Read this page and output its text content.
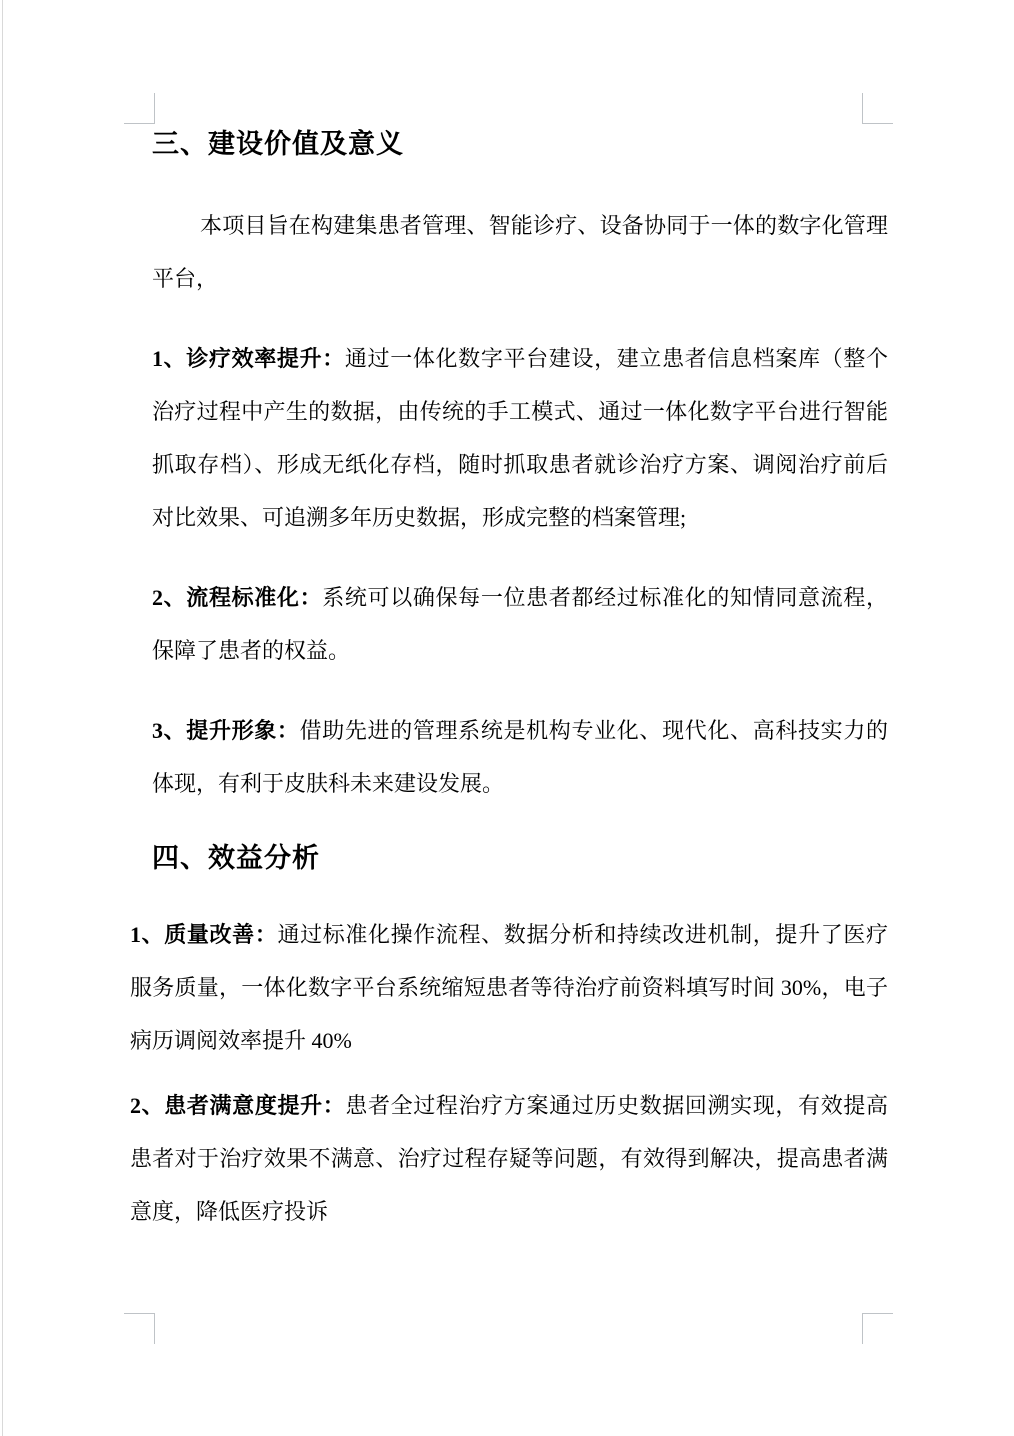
三、建设价值及意义

本项目旨在构建集患者管理、智能诊疗、设备协同于一体的数字化管理平台，

1、诊疗效率提升：通过一体化数字平台建设，建立患者信息档案库（整个治疗过程中产生的数据，由传统的手工模式、通过一体化数字平台进行智能抓取存档）、形成无纸化存档，随时抓取患者就诊治疗方案、调阅治疗前后对比效果、可追溯多年历史数据，形成完整的档案管理;

2、流程标准化：系统可以确保每一位患者都经过标准化的知情同意流程，保障了患者的权益。

3、提升形象：借助先进的管理系统是机构专业化、现代化、高科技实力的体现，有利于皮肤科未来建设发展。

四、效益分析

1、质量改善：通过标准化操作流程、数据分析和持续改进机制，提升了医疗服务质量，一体化数字平台系统缩短患者等待治疗前资料填写时间 30%，电子病历调阅效率提升 40%

2、患者满意度提升：患者全过程治疗方案通过历史数据回溯实现，有效提高患者对于治疗效果不满意、治疗过程存疑等问题，有效得到解决，提高患者满意度，降低医疗投诉
